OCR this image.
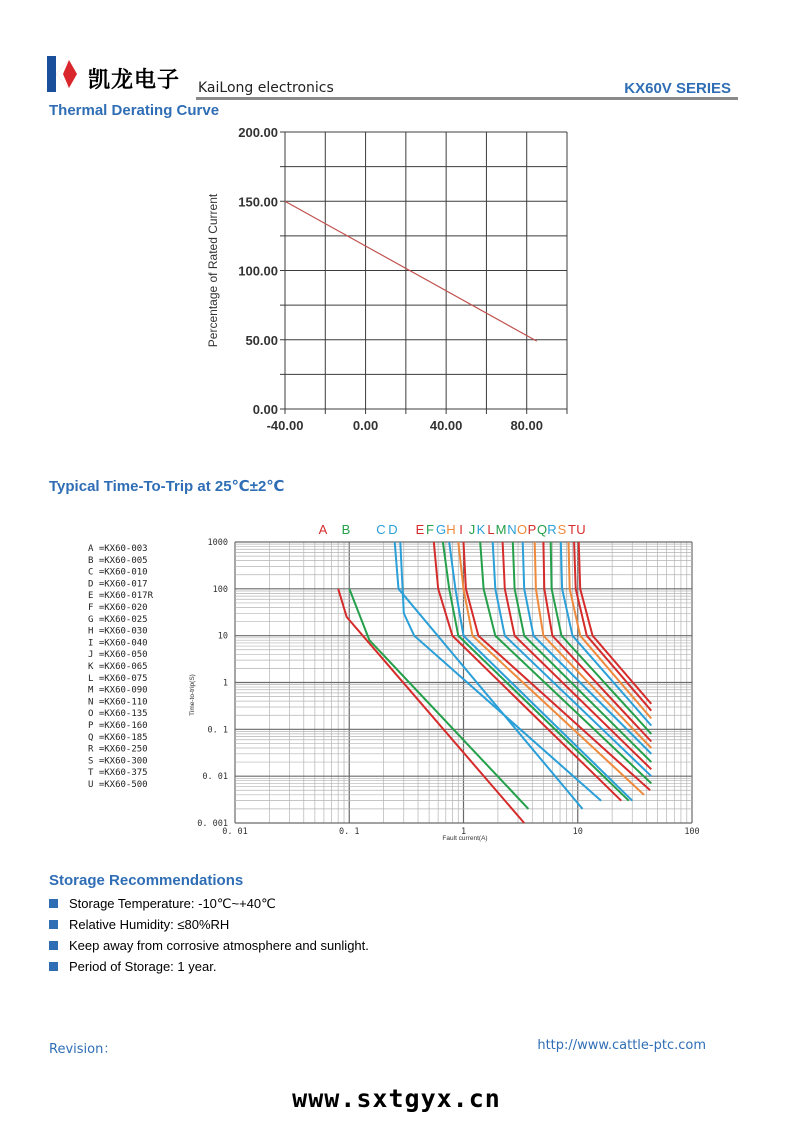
凯龙电子 KaiLong electronics	KX60V SERIES
Thermal Derating Curve
0.00
50.00
100.00
150.00
200.00
-40.00	0.00	40.00	80.00
Percentage of Rated Current
Typical Time-To-Trip at 25℃±2℃
0. 001
0. 01
0. 1
1
10
100
1000
0. 01	0. 1	1	10	100
Fault current(A)
Time-to-trip(S)
A =KX60-003
B =KX60-005
C =KX60-010
D =KX60-017
E =KX60-017R
F =KX60-020
G =KX60-025
H =KX60-030
I =KX60-040
J =KX60-050
K =KX60-065
L =KX60-075
M =KX60-090
N =KX60-110
O =KX60-135
P =KX60-160
Q =KX60-185
R =KX60-250
S =KX60-300
T =KX60-375
U =KX60-500
A B C D E F G H I J K L M N O P Q R S T U
Storage Recommendations
Storage Temperature: -10℃~+40℃
Relative Humidity: ≤80%RH
Keep away from corrosive atmosphere and sunlight.
Period of Storage: 1 year.
Revision：	http://www.cattle-ptc.com
www.sxtgyx.cn
